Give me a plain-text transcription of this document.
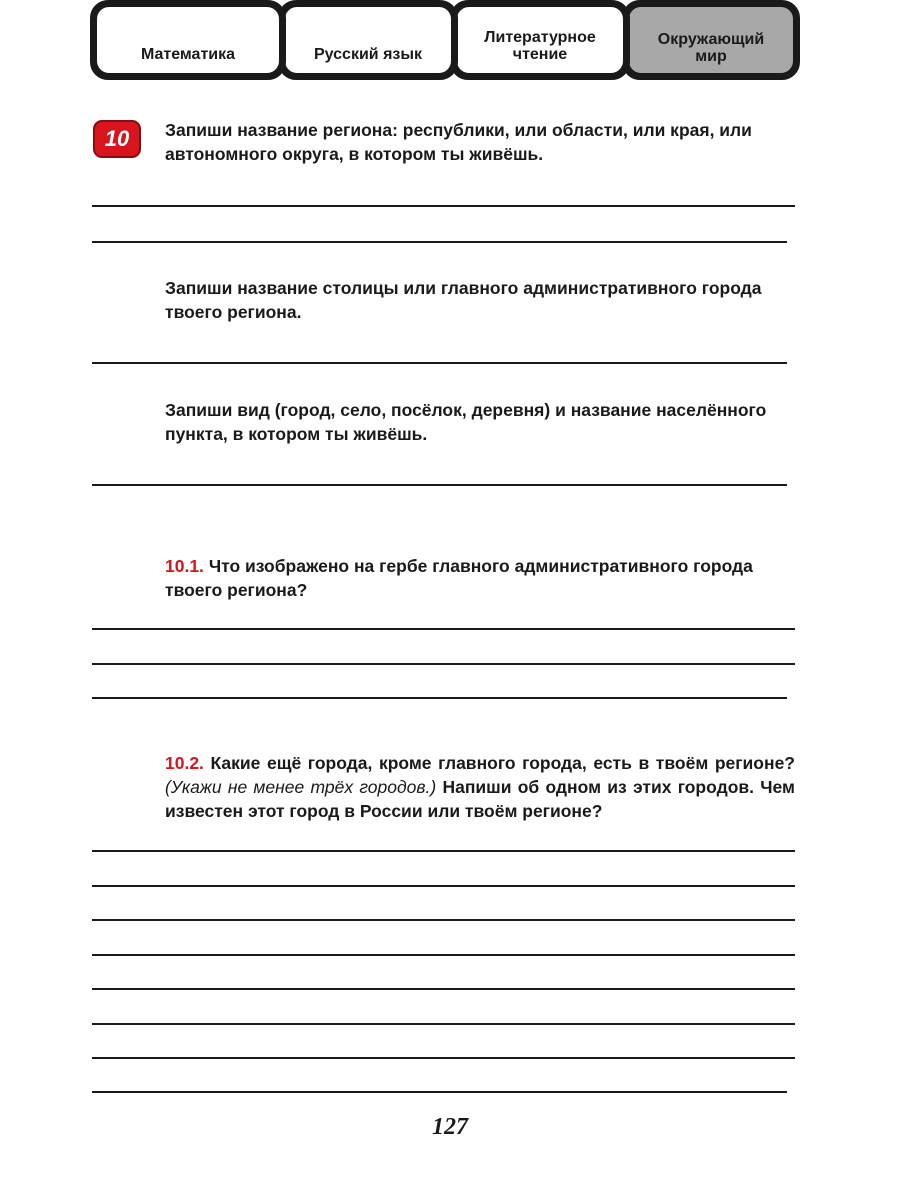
Математика	Русский язык
Литературное
чтение
Окружающий
мир
10	Запиши название региона: республики, или области, или края, или автономного округа, в котором ты живёшь.
Запиши название столицы или главного административного города твоего региона.
Запиши вид (город, село, посёлок, деревня) и название населённого пункта, в котором ты живёшь.
10.1. Что изображено на гербе главного административного города твоего региона?
10.2. Какие ещё города, кроме главного города, есть в твоём регионе? (Укажи не менее трёх городов.) Напиши об одном из этих городов. Чем известен этот город в России или твоём регионе?
127
